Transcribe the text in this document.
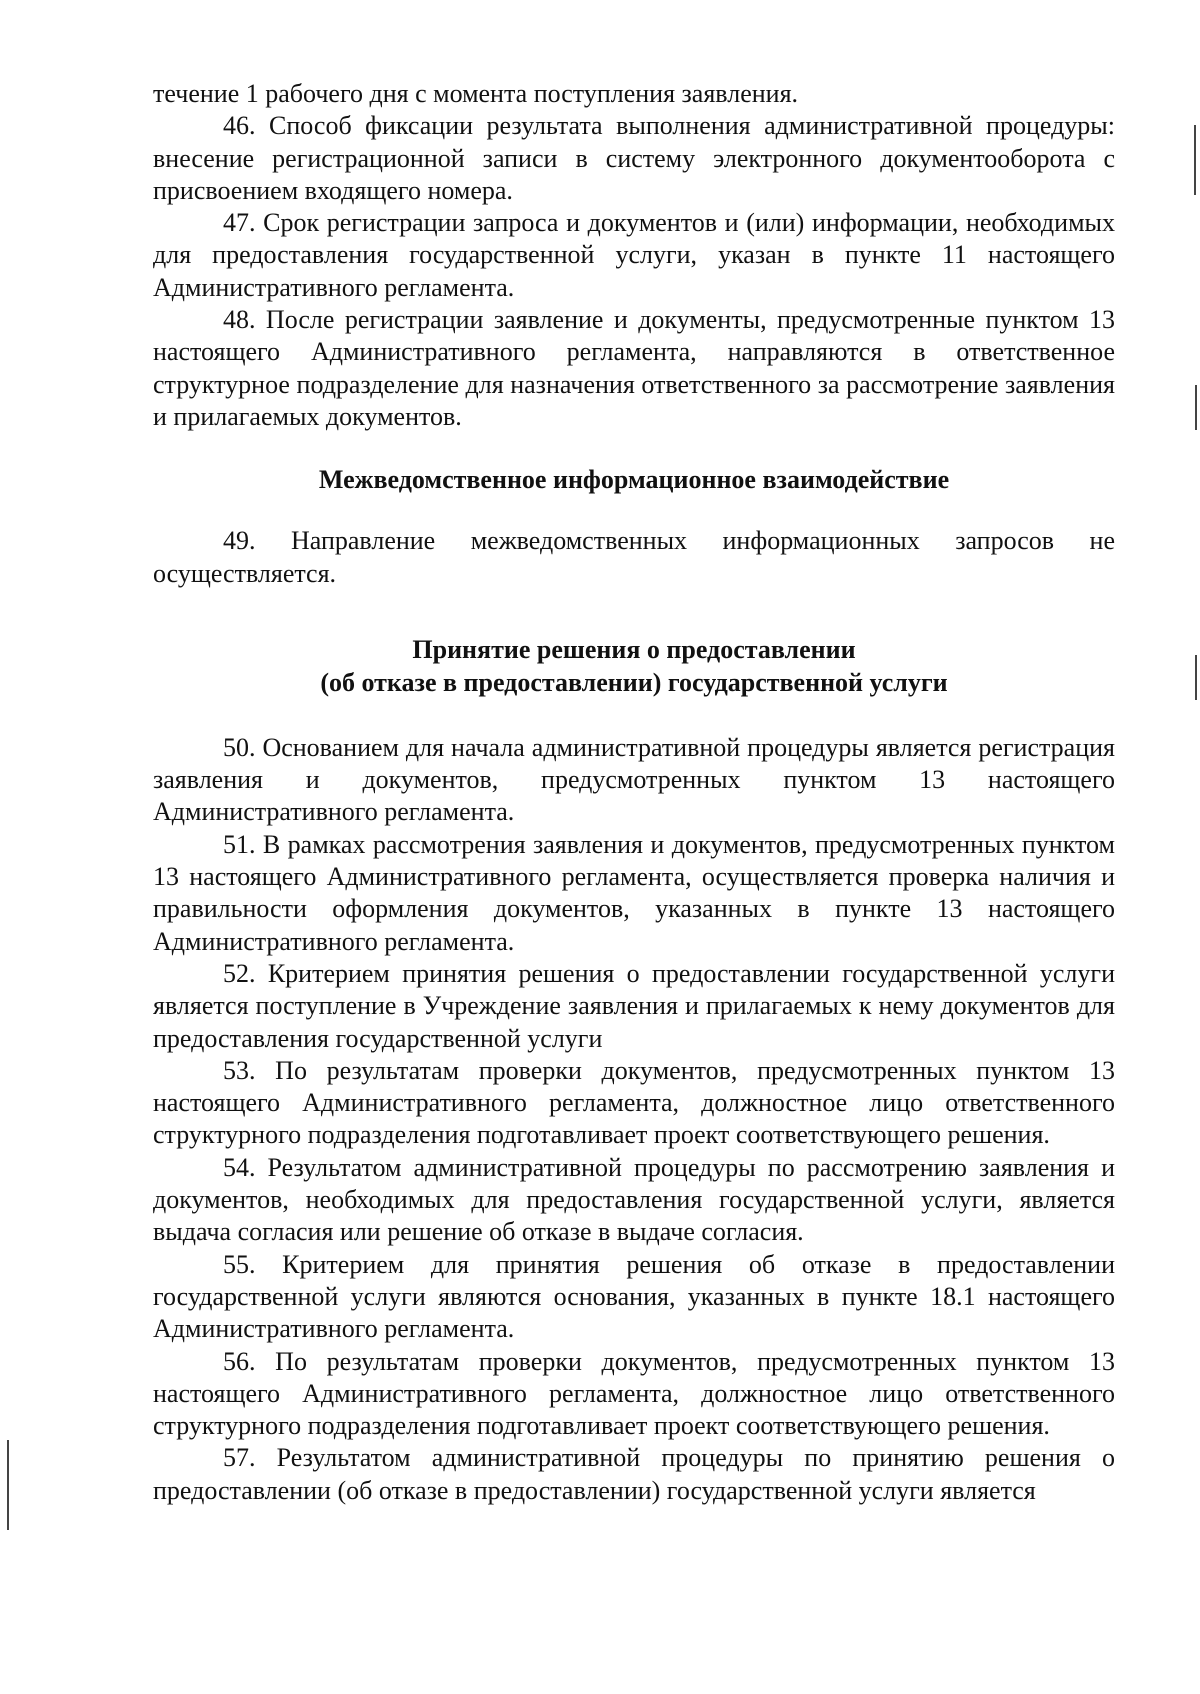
течение 1 рабочего дня с момента поступления заявления.

46. Способ фиксации результата выполнения административной процедуры: внесение регистрационной записи в систему электронного документооборота с присвоением входящего номера.

47. Срок регистрации запроса и документов и (или) информации, необходимых для предоставления государственной услуги, указан в пункте 11 настоящего Административного регламента.

48. После регистрации заявление и документы, предусмотренные пунктом 13 настоящего Административного регламента, направляются в ответственное структурное подразделение для назначения ответственного за рассмотрение заявления и прилагаемых документов.

Межведомственное информационное взаимодействие

49. Направление межведомственных информационных запросов не осуществляется.

Принятие решения о предоставлении
(об отказе в предоставлении) государственной услуги

50. Основанием для начала административной процедуры является регистрация заявления и документов, предусмотренных пунктом 13 настоящего Административного регламента.

51. В рамках рассмотрения заявления и документов, предусмотренных пунктом 13 настоящего Административного регламента, осуществляется проверка наличия и правильности оформления документов, указанных в пункте 13 настоящего Административного регламента.

52. Критерием принятия решения о предоставлении государственной услуги является поступление в Учреждение заявления и прилагаемых к нему документов для предоставления государственной услуги

53. По результатам проверки документов, предусмотренных пунктом 13 настоящего Административного регламента, должностное лицо ответственного структурного подразделения подготавливает проект соответствующего решения.

54. Результатом административной процедуры по рассмотрению заявления и документов, необходимых для предоставления государственной услуги, является выдача согласия или решение об отказе в выдаче согласия.

55. Критерием для принятия решения об отказе в предоставлении государственной услуги являются основания, указанных в пункте 18.1 настоящего Административного регламента.

56. По результатам проверки документов, предусмотренных пунктом 13 настоящего Административного регламента, должностное лицо ответственного структурного подразделения подготавливает проект соответствующего решения.

57. Результатом административной процедуры по принятию решения о предоставлении (об отказе в предоставлении) государственной услуги является
